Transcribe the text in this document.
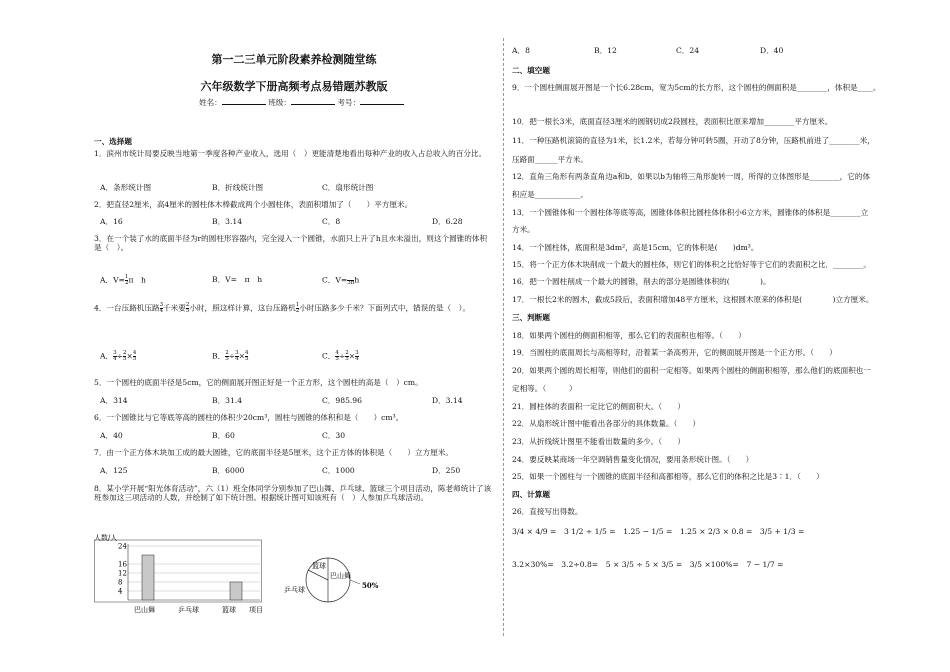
第一二三单元阶段素养检测随堂练
六年级数学下册高频考点易错题苏教版
姓名：	班级：	考号：
一、选择题
1．滨州市统计局要反映当地第一季度各种产业收入，选用（　）更能清楚地看出每种产业的收入占总收入的百分比。
A．条形统计图	B．折线统计图	C．扇形统计图
2．把直径2厘米，高4厘米的圆柱体木棒截成两个小圆柱体，表面积增加了（　　）平方厘米。
A．16	B．3.14	C．8	D．6.28
3．在一个装了水的底面半径为r的圆柱形容器内，完全浸入一个圆锥，水面只上升了h且水未溢出，则这个圆锥的体积是（　）。
A．$V= \frac{1}{2}$ π　h	B．V=　 π　h	C．V=
3π h
4．一台压路机压路 $\frac{3}{4}$ 千米要 $\frac{2}{5}$ 小时，照这样计算，这台压路机 $\frac{1}{2}$ 小时压路多少千米？下面列式中，错误的是（　）。
A． $\frac{3}{4} \div \frac{2}{5} \times \frac{4}{5}$	B． $\frac{2}{5} \div \frac{3}{4} \times \frac{4}{5}$	C． $\frac{4}{5} \div \frac{2}{5} \times \frac{3}{4}$
5．一个圆柱的底面半径是5cm，它的侧面展开图正好是一个正方形，这个圆柱的高是（　）cm。
A．314	B．31.4	C．985.96	D．3.14
6．一个圆锥比与它等底等高的圆柱的体积少20cm³，圆柱与圆锥的体积和是（　　）cm³。
A．40	B．60	C．30
7．由一个正方体木块加工成的最大圆锥，它的底面半径是5厘米，这个正方体的体积是（　　）立方厘米。
A．125	B．6000	C．1000	D．250
8．某小学开展“阳光体育活动”，六（1）班全体同学分别参加了巴山舞、乒乓球、篮球三个项目活动，陈老师统计了该班参加这三项活动的人数，并绘制了如下统计图。根据统计图可知该班有（　）人参加乒乓球活动。
人数/人
24
16
12
8
4
巴山舞	乒乓球	篮球 项目
篮球
巴山舞
乒乓球	50%
A．8	B．12	C．24	D．40
二、填空题
9．一个圆柱侧面展开图是一个长6.28cm，宽为5cm的长方形，这个圆柱的侧面积是________，体积是____。
10．把一根长3米，底面直径3厘米的圆钢切成2段圆柱，表面积比原来增加________平方厘米。
11．一种压路机滚筒的直径为1米，长1.2米，若每分钟可转5圈，开动了8分钟，压路机前进了________米，
压路面______平方米。
12．直角三角形有两条直角边a和b，如果以b为轴将三角形旋转一周，所得的立体图形是________，它的体
积应是____________。
13．一个圆锥体和一个圆柱体等底等高，圆锥体体积比圆柱体体积小6立方米，圆锥体的体积是________立
方米。
14．一个圆柱体，底面积是3dm²，高是15cm，它的体积是(　　)dm³。
15．将一个正方体木块削成一个最大的圆柱体，则它们的体积之比恰好等于它们的表面积之比．________。
16．把一个圆柱削成一个最大的圆锥，削去的部分是圆锥体积的(　　　　)。
17．一根长2米的圆木，截成5段后，表面积增加48平方厘米，这根圆木原来的体积是(　　　　)立方厘米。
三、判断题
18．如果两个圆柱的侧面积相等，那么它们的表面积也相等。（　　）
19．当圆柱的底面周长与高相等时，沿着某一条高剪开，它的侧面展开图是一个正方形。（　　）
20．如果两个圆的周长相等，则他们的面积一定相等。如果两个圆柱的侧面积相等，那么他们的底面积也一
定相等。（　　　）
21．圆柱体的表面积一定比它的侧面积大。（　　）
22．从扇形统计图中能看出各部分的具体数量。（　　）
23．从折线统计图里不能看出数量的多少。（　　）
24．要反映某商场一年空调销售量变化情况，要用条形统计图。（　　）
25．如果一个圆柱与一个圆锥的底面半径和高都相等，那么它们的体积之比是3∶1．（　　）
四、计算题
26．直接写出得数。
3/4 × 4/9 =　3 1/2 ÷ 1/5 =　1.25 − 1/5 =　1.25 × 2/3 × 0.8 =　3/5 + 1/3 =
3.2×30%=　3.2÷0.8=　5 × 3/5 ÷ 5 × 3/5 =　3/5 ×100%=　7 − 1/7 =
